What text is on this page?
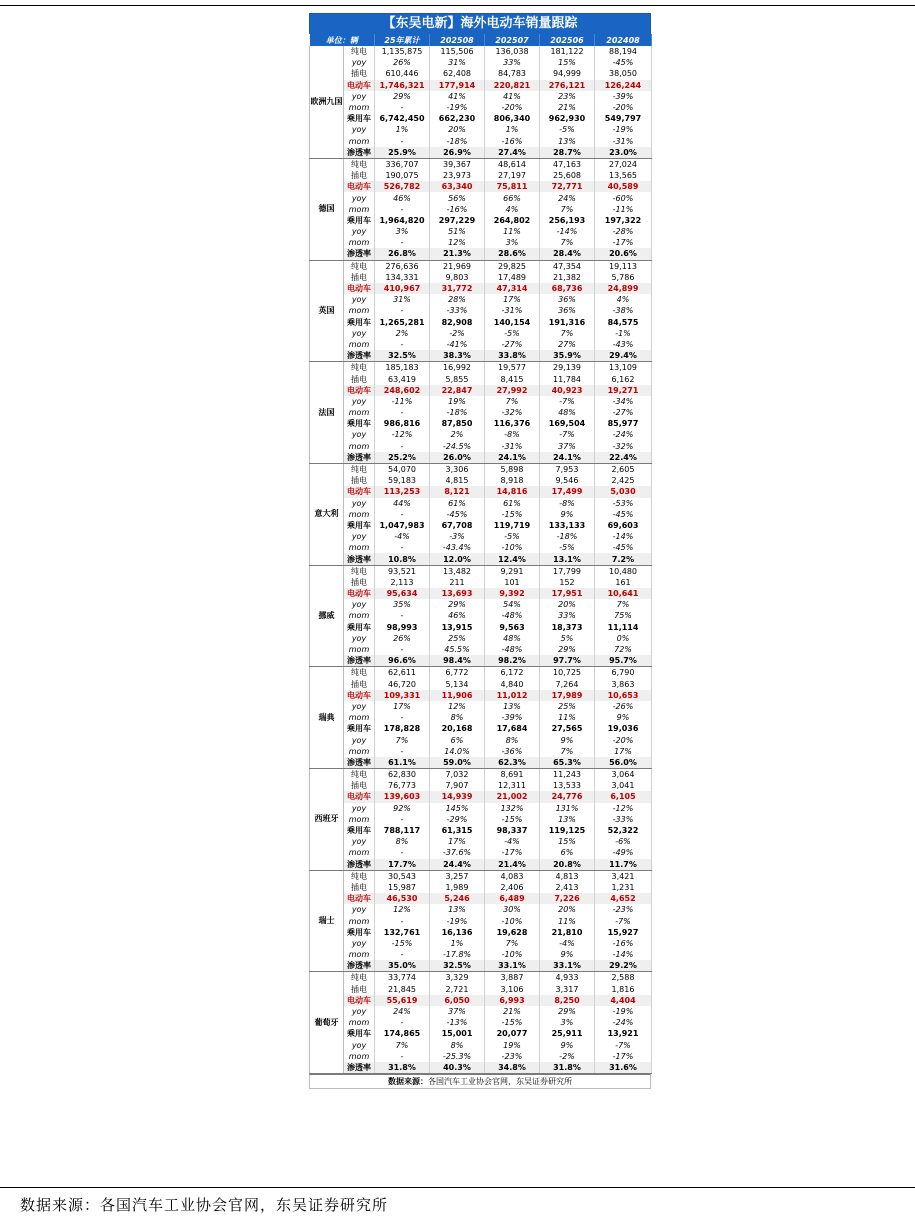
【东吴电新】海外电动车销量跟踪
单位：辆		25年累计	202508	202507	202506	202408
欧洲九国	纯电	1,135,875	115,506	136,038	181,122	88,194
	yoy	26%	31%	33%	15%	-45%
	插电	610,446	62,408	84,783	94,999	38,050
	电动车	1,746,321	177,914	220,821	276,121	126,244
	yoy	29%	41%	41%	23%	-39%
	mom	-	-19%	-20%	21%	-20%
	乘用车	6,742,450	662,230	806,340	962,930	549,797
	yoy	1%	20%	1%	-5%	-19%
	mom	-	-18%	-16%	13%	-31%
	渗透率	25.9%	26.9%	27.4%	28.7%	23.0%
德国	纯电	336,707	39,367	48,614	47,163	27,024
	插电	190,075	23,973	27,197	25,608	13,565
	电动车	526,782	63,340	75,811	72,771	40,589
	yoy	46%	56%	66%	24%	-60%
	mom	-	-16%	4%	7%	-11%
	乘用车	1,964,820	297,229	264,802	256,193	197,322
	yoy	3%	51%	11%	-14%	-28%
	mom	-	12%	3%	7%	-17%
	渗透率	26.8%	21.3%	28.6%	28.4%	20.6%
英国	纯电	276,636	21,969	29,825	47,354	19,113
	插电	134,331	9,803	17,489	21,382	5,786
	电动车	410,967	31,772	47,314	68,736	24,899
	yoy	31%	28%	17%	36%	4%
	mom	-	-33%	-31%	36%	-38%
	乘用车	1,265,281	82,908	140,154	191,316	84,575
	yoy	2%	-2%	-5%	7%	-1%
	mom	-	-41%	-27%	27%	-43%
	渗透率	32.5%	38.3%	33.8%	35.9%	29.4%
法国	纯电	185,183	16,992	19,577	29,139	13,109
	插电	63,419	5,855	8,415	11,784	6,162
	电动车	248,602	22,847	27,992	40,923	19,271
	yoy	-11%	19%	7%	-7%	-34%
	mom	-	-18%	-32%	48%	-27%
	乘用车	986,816	87,850	116,376	169,504	85,977
	yoy	-12%	2%	-8%	-7%	-24%
	mom	-	-24.5%	-31%	37%	-32%
	渗透率	25.2%	26.0%	24.1%	24.1%	22.4%
意大利	纯电	54,070	3,306	5,898	7,953	2,605
	插电	59,183	4,815	8,918	9,546	2,425
	电动车	113,253	8,121	14,816	17,499	5,030
	yoy	44%	61%	61%	-8%	-53%
	mom	-	-45%	-15%	9%	-45%
	乘用车	1,047,983	67,708	119,719	133,133	69,603
	yoy	-4%	-3%	-5%	-18%	-14%
	mom	-	-43.4%	-10%	-5%	-45%
	渗透率	10.8%	12.0%	12.4%	13.1%	7.2%
挪威	纯电	93,521	13,482	9,291	17,799	10,480
	插电	2,113	211	101	152	161
	电动车	95,634	13,693	9,392	17,951	10,641
	yoy	35%	29%	54%	20%	7%
	mom	-	46%	-48%	33%	75%
	乘用车	98,993	13,915	9,563	18,373	11,114
	yoy	26%	25%	48%	5%	0%
	mom	-	45.5%	-48%	29%	72%
	渗透率	96.6%	98.4%	98.2%	97.7%	95.7%
瑞典	纯电	62,611	6,772	6,172	10,725	6,790
	插电	46,720	5,134	4,840	7,264	3,863
	电动车	109,331	11,906	11,012	17,989	10,653
	yoy	17%	12%	13%	25%	-26%
	mom	-	8%	-39%	11%	9%
	乘用车	178,828	20,168	17,684	27,565	19,036
	yoy	7%	6%	8%	9%	-20%
	mom	-	14.0%	-36%	7%	17%
	渗透率	61.1%	59.0%	62.3%	65.3%	56.0%
西班牙	纯电	62,830	7,032	8,691	11,243	3,064
	插电	76,773	7,907	12,311	13,533	3,041
	电动车	139,603	14,939	21,002	24,776	6,105
	yoy	92%	145%	132%	131%	-12%
	mom	-	-29%	-15%	13%	-33%
	乘用车	788,117	61,315	98,337	119,125	52,322
	yoy	8%	17%	-4%	15%	-6%
	mom	-	-37.6%	-17%	6%	-49%
	渗透率	17.7%	24.4%	21.4%	20.8%	11.7%
瑞士	纯电	30,543	3,257	4,083	4,813	3,421
	插电	15,987	1,989	2,406	2,413	1,231
	电动车	46,530	5,246	6,489	7,226	4,652
	yoy	12%	13%	30%	20%	-23%
	mom	-	-19%	-10%	11%	-7%
	乘用车	132,761	16,136	19,628	21,810	15,927
	yoy	-15%	1%	7%	-4%	-16%
	mom	-	-17.8%	-10%	9%	-14%
	渗透率	35.0%	32.5%	33.1%	33.1%	29.2%
葡萄牙	纯电	33,774	3,329	3,887	4,933	2,588
	插电	21,845	2,721	3,106	3,317	1,816
	电动车	55,619	6,050	6,993	8,250	4,404
	yoy	24%	37%	21%	29%	-19%
	mom	-	-13%	-15%	3%	-24%
	乘用车	174,865	15,001	20,077	25,911	13,921
	yoy	7%	8%	19%	9%	-7%
	mom	-	-25.3%	-23%	-2%	-17%
	渗透率	31.8%	40.3%	34.8%	31.8%	31.6%
数据来源：各国汽车工业协会官网，东吴证券研究所
数据来源：各国汽车工业协会官网，东吴证券研究所
